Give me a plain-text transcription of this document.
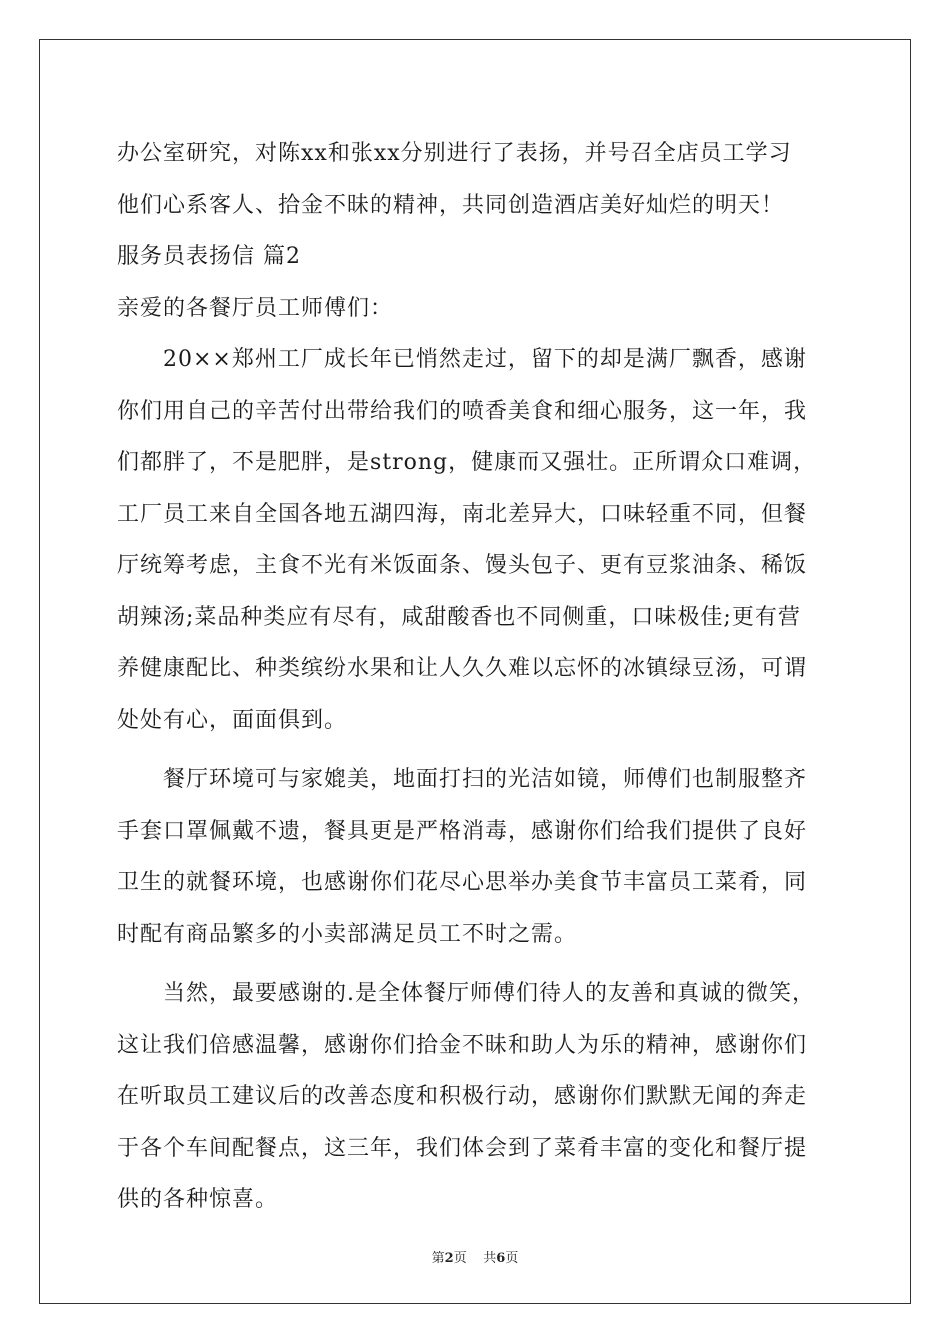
办公室研究，对陈xx和张xx分别进行了表扬，并号召全店员工学习
他们心系客人、拾金不昧的精神，共同创造酒店美好灿烂的明天！
服务员表扬信 篇2
亲爱的各餐厅员工师傅们：
20××郑州工厂成长年已悄然走过，留下的却是满厂飘香，感谢
你们用自己的辛苦付出带给我们的喷香美食和细心服务，这一年，我
们都胖了，不是肥胖，是strong，健康而又强壮。正所谓众口难调，
工厂员工来自全国各地五湖四海，南北差异大，口味轻重不同，但餐
厅统筹考虑，主食不光有米饭面条、馒头包子、更有豆浆油条、稀饭
胡辣汤;菜品种类应有尽有，咸甜酸香也不同侧重，口味极佳;更有营
养健康配比、种类缤纷水果和让人久久难以忘怀的冰镇绿豆汤，可谓
处处有心，面面俱到。
餐厅环境可与家媲美，地面打扫的光洁如镜，师傅们也制服整齐
手套口罩佩戴不遗，餐具更是严格消毒，感谢你们给我们提供了良好
卫生的就餐环境，也感谢你们花尽心思举办美食节丰富员工菜肴，同
时配有商品繁多的小卖部满足员工不时之需。
当然，最要感谢的.是全体餐厅师傅们待人的友善和真诚的微笑，
这让我们倍感温馨，感谢你们拾金不昧和助人为乐的精神，感谢你们
在听取员工建议后的改善态度和积极行动，感谢你们默默无闻的奔走
于各个车间配餐点，这三年，我们体会到了菜肴丰富的变化和餐厅提
供的各种惊喜。
第2页 共6页
